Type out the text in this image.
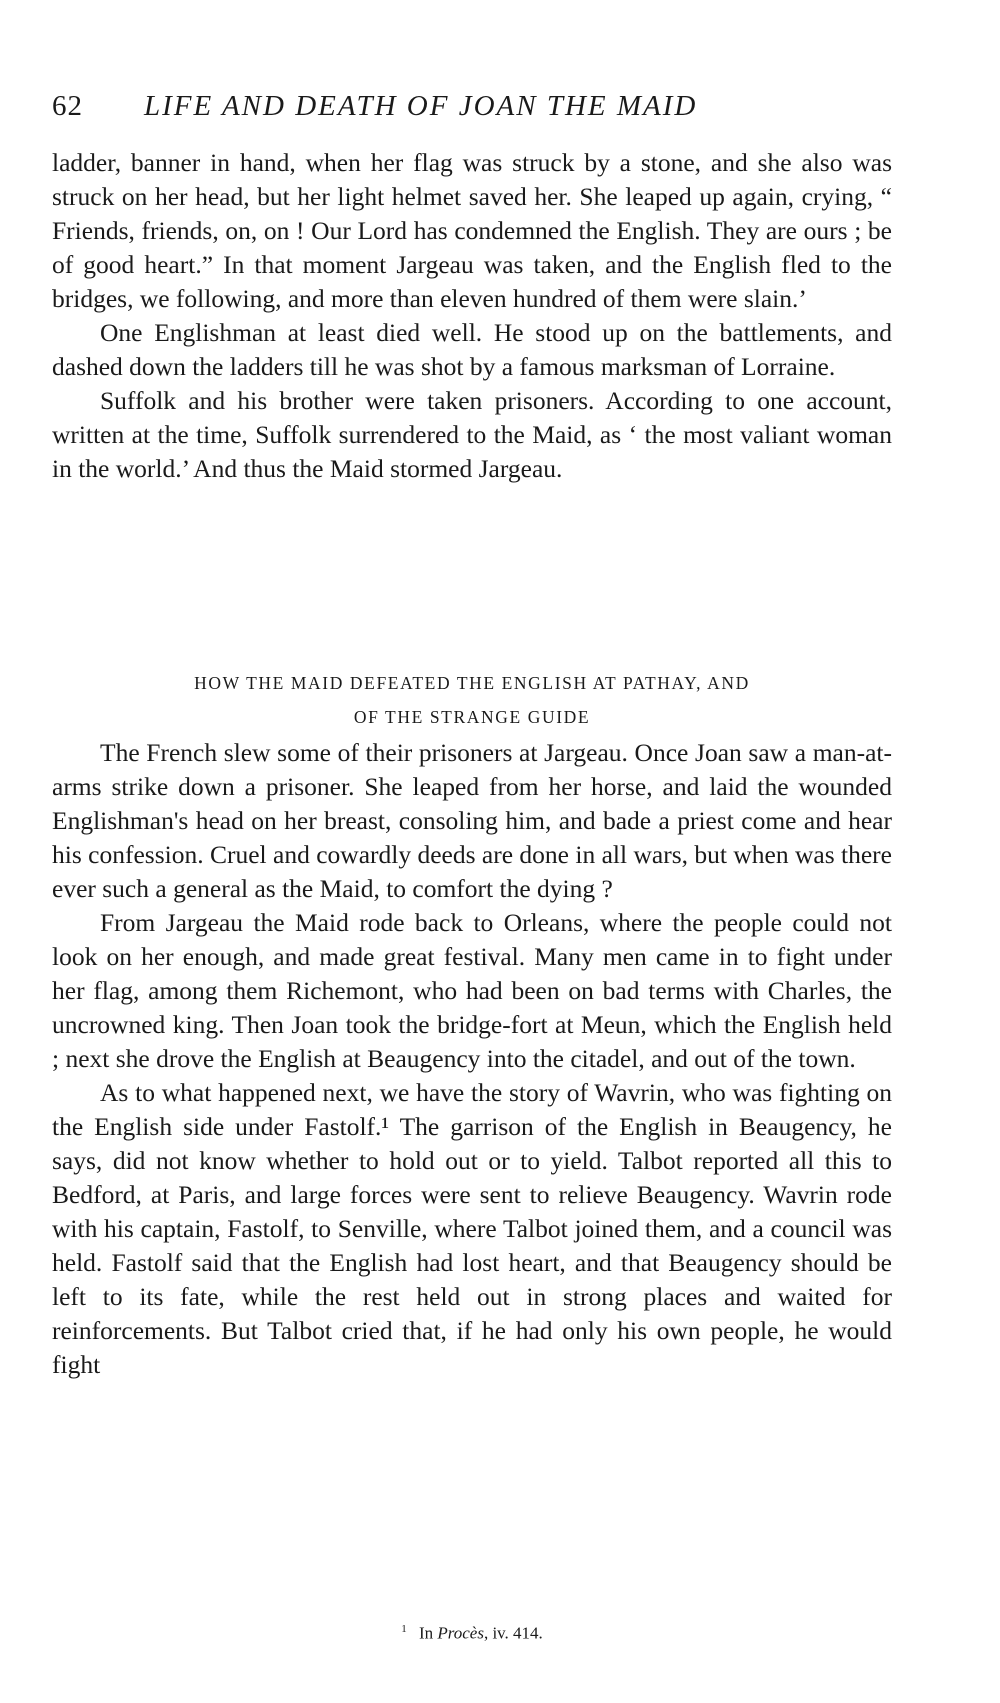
62 LIFE AND DEATH OF JOAN THE MAID

ladder, banner in hand, when her flag was struck by a stone, and she also was struck on her head, but her light helmet saved her. She leaped up again, crying, “ Friends, friends, on, on ! Our Lord has condemned the English. They are ours ; be of good heart.” In that moment Jargeau was taken, and the English fled to the bridges, we following, and more than eleven hundred of them were slain.’

One Englishman at least died well. He stood up on the battlements, and dashed down the ladders till he was shot by a famous marksman of Lorraine.

Suffolk and his brother were taken prisoners. According to one account, written at the time, Suffolk surrendered to the Maid, as ‘ the most valiant woman in the world.’ And thus the Maid stormed Jargeau.

HOW THE MAID DEFEATED THE ENGLISH AT PATHAY, AND
OF THE STRANGE GUIDE

The French slew some of their prisoners at Jargeau. Once Joan saw a man-at-arms strike down a prisoner. She leaped from her horse, and laid the wounded Englishman's head on her breast, consoling him, and bade a priest come and hear his confession. Cruel and cowardly deeds are done in all wars, but when was there ever such a general as the Maid, to comfort the dying ?

From Jargeau the Maid rode back to Orleans, where the people could not look on her enough, and made great festival. Many men came in to fight under her flag, among them Richemont, who had been on bad terms with Charles, the uncrowned king. Then Joan took the bridge-fort at Meun, which the English held ; next she drove the English at Beaugency into the citadel, and out of the town.

As to what happened next, we have the story of Wavrin, who was fighting on the English side under Fastolf.¹ The garrison of the English in Beaugency, he says, did not know whether to hold out or to yield. Talbot reported all this to Bedford, at Paris, and large forces were sent to relieve Beaugency. Wavrin rode with his captain, Fastolf, to Senville, where Talbot joined them, and a council was held. Fastolf said that the English had lost heart, and that Beaugency should be left to its fate, while the rest held out in strong places and waited for reinforcements. But Talbot cried that, if he had only his own people, he would fight

$^1$ In Procès, iv. 414.
